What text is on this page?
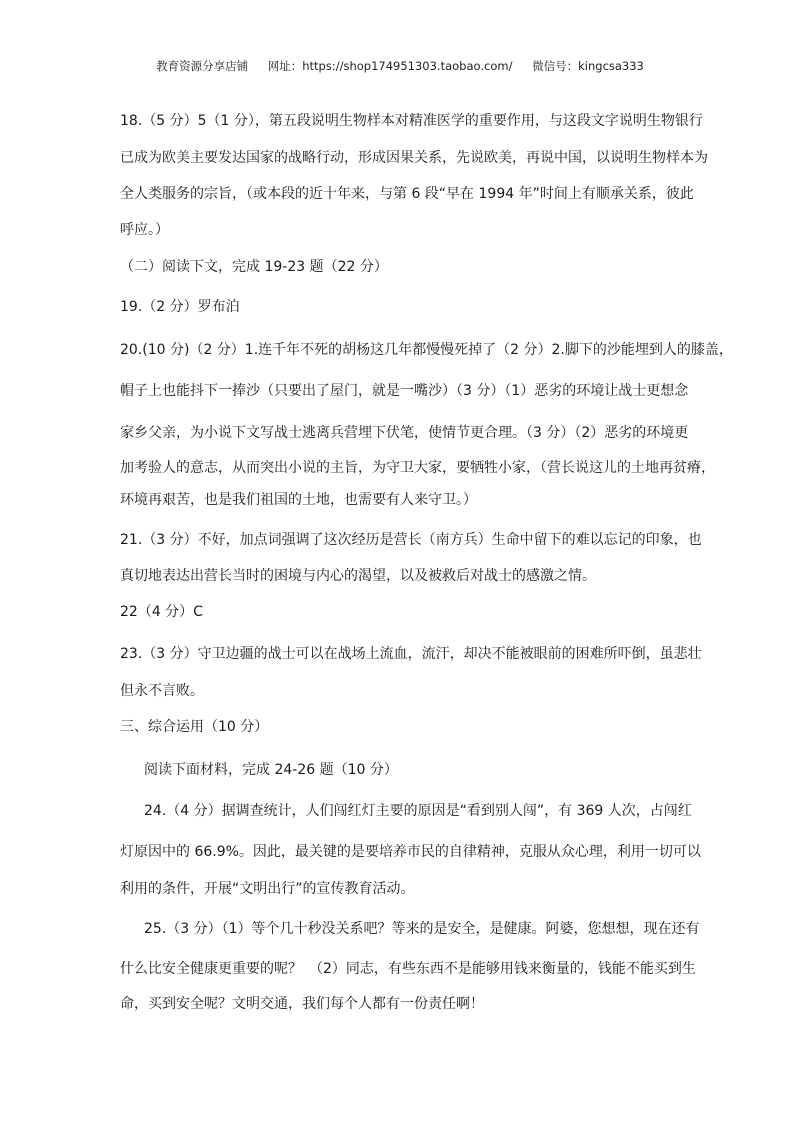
教育资源分享店铺 网址：https://shop174951303.taobao.com/ 微信号：kingcsa333
18.（5 分）5（1 分），第五段说明生物样本对精准医学的重要作用，与这段文字说明生物银行
已成为欧美主要发达国家的战略行动，形成因果关系，先说欧美，再说中国，以说明生物样本为
全人类服务的宗旨，（或本段的近十年来，与第 6 段“早在 1994 年”时间上有顺承关系，彼此
呼应。）
（二）阅读下文，完成 19-23 题（22 分）
19.（2 分）罗布泊
20.(10 分)（2 分）1.连千年不死的胡杨这几年都慢慢死掉了（2 分）2.脚下的沙能埋到人的膝盖，
帽子上也能抖下一捧沙（只要出了屋门，就是一嘴沙）（3 分）（1）恶劣的环境让战士更想念
家乡父亲，为小说下文写战士逃离兵营埋下伏笔，使情节更合理。（3 分）（2）恶劣的环境更
加考验人的意志，从而突出小说的主旨，为守卫大家，要牺牲小家，（营长说这儿的土地再贫瘠，
环境再艰苦，也是我们祖国的土地，也需要有人来守卫。）
21.（3 分）不好，加点词强调了这次经历是营长（南方兵）生命中留下的难以忘记的印象，也
真切地表达出营长当时的困境与内心的渴望，以及被救后对战士的感激之情。
22（4 分）C
23.（3 分）守卫边疆的战士可以在战场上流血，流汗，却决不能被眼前的困难所吓倒，虽悲壮
但永不言败。
三、综合运用（10 分）
阅读下面材料，完成 24-26 题（10 分）
24.（4 分）据调查统计，人们闯红灯主要的原因是“看到别人闯”，有 369 人次，占闯红
灯原因中的 66.9%。因此，最关键的是要培养市民的自律精神，克服从众心理，利用一切可以
利用的条件，开展“文明出行”的宣传教育活动。
25.（3 分）（1）等个几十秒没关系吧？等来的是安全，是健康。阿婆，您想想，现在还有
什么比安全健康更重要的呢？　（2）同志，有些东西不是能够用钱来衡量的，钱能不能买到生
命，买到安全呢？文明交通，我们每个人都有一份责任啊！
